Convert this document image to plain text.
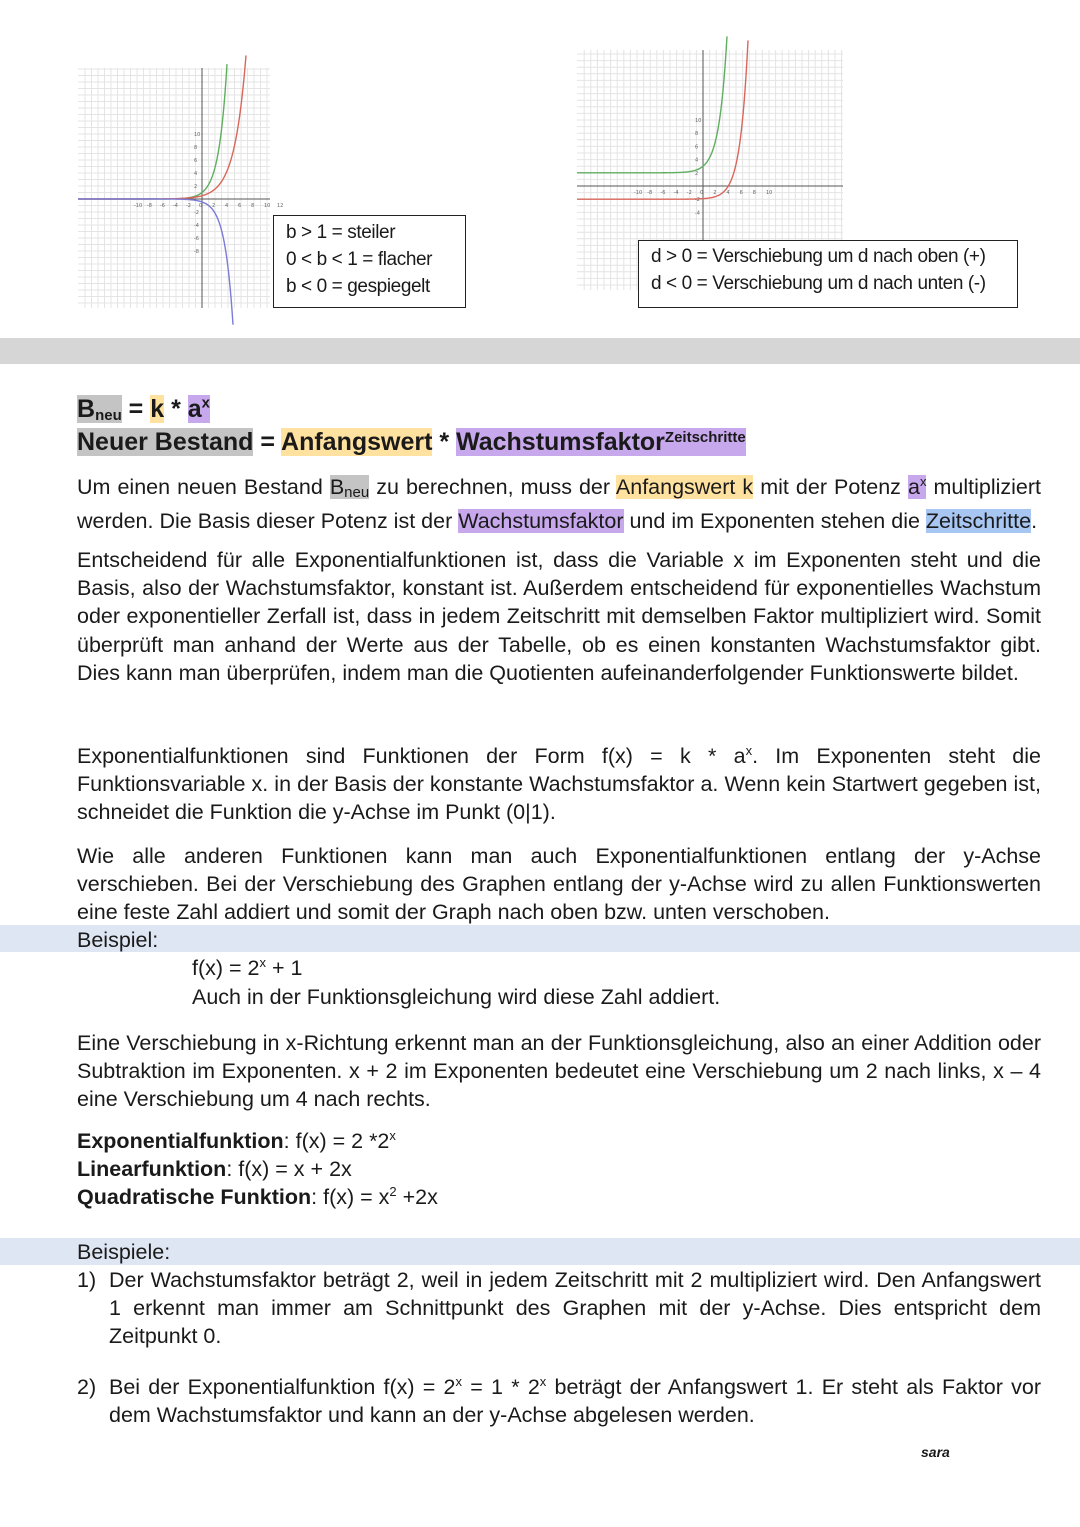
-10 -8 -6 -4 -2 0 2 4 6 8 10 12
10
8
6
4
2
-2
-4
-6
-8
b > 1 = steiler
0 < b < 1 = flacher
b < 0 = gespiegelt
-10 -8 -6 -4 -2 0 2 4 6 8 10
10
8
6
4
2
-2
-4
d > 0 = Verschiebung um d nach oben (+)
d < 0 = Verschiebung um d nach unten (-)
$B_{neu} = k * a^x$
Neuer Bestand = Anfangswert * Wachstumsfaktor$^{Zeitschritte}$
Um einen neuen Bestand $B_{neu}$ zu berechnen, muss der Anfangswert k mit der Potenz $a^x$ multipliziert werden. Die Basis dieser Potenz ist der Wachstumsfaktor und im Exponenten stehen die Zeitschritte.
Entscheidend für alle Exponentialfunktionen ist, dass die Variable x im Exponenten steht und die Basis, also der Wachstumsfaktor, konstant ist. Außerdem entscheidend für exponentielles Wachstum oder exponentieller Zerfall ist, dass in jedem Zeitschritt mit demselben Faktor multipliziert wird. Somit überprüft man anhand der Werte aus der Tabelle, ob es einen konstanten Wachstumsfaktor gibt. Dies kann man überprüfen, indem man die Quotienten aufeinanderfolgender Funktionswerte bildet.
Exponentialfunktionen sind Funktionen der Form $f(x) = k * a^x$. Im Exponenten steht die Funktionsvariable x. in der Basis der konstante Wachstumsfaktor a. Wenn kein Startwert gegeben ist, schneidet die Funktion die y-Achse im Punkt (0|1).
Wie alle anderen Funktionen kann man auch Exponentialfunktionen entlang der y-Achse verschieben. Bei der Verschiebung des Graphen entlang der y-Achse wird zu allen Funktionswerten eine feste Zahl addiert und somit der Graph nach oben bzw. unten verschoben.
Beispiel:
$f(x) = 2^x + 1$
Auch in der Funktionsgleichung wird diese Zahl addiert.
Eine Verschiebung in x-Richtung erkennt man an der Funktionsgleichung, also an einer Addition oder Subtraktion im Exponenten. x + 2 im Exponenten bedeutet eine Verschiebung um 2 nach links, x – 4 eine Verschiebung um 4 nach rechts.
Exponentialfunktion: f(x) = 2 *2$^x$
Linearfunktion: f(x) = x + 2x
Quadratische Funktion: $f(x) = x^2 +2x$
Beispiele:
1) Der Wachstumsfaktor beträgt 2, weil in jedem Zeitschritt mit 2 multipliziert wird. Den Anfangswert 1 erkennt man immer am Schnittpunkt des Graphen mit der y-Achse. Dies entspricht dem Zeitpunkt 0.
2) Bei der Exponentialfunktion $f(x) = 2^x = 1 * 2^x$ beträgt der Anfangswert 1. Er steht als Faktor vor dem Wachstumsfaktor und kann an der y-Achse abgelesen werden.
sara
